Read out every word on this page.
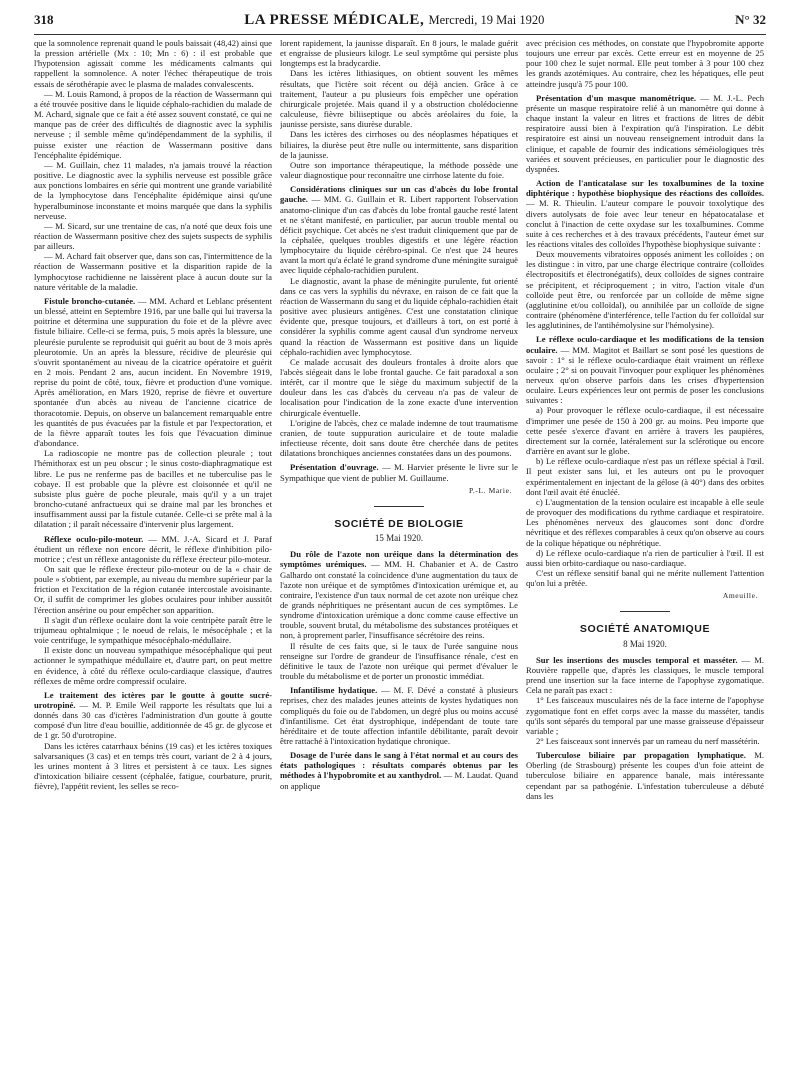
318	LA PRESSE MÉDICALE, Mercredi, 19 Mai 1920	N° 32

que la somnolence reprenait quand le pouls baissait (48,42) ainsi que la pression artérielle (Mx : 10; Mn : 6) : il est probable que l'hypotension agissait comme les médicaments calmants qui rappellent la somnolence. A noter l'échec thérapeutique de trois essais de sérothérapie avec le plasma de malades convalescents.

— M. Louis Ramond, à propos de la réaction de Wassermann qui a été trouvée positive dans le liquide céphalo-rachidien du malade de M. Achard, signale que ce fait a été assez souvent constaté, ce qui ne manque pas de créer des difficultés de diagnostic avec la syphilis nerveuse ; il semble même qu'indépendamment de la syphilis, il puisse exister une réaction de Wassermann positive dans l'encéphalite épidémique.

— M. Guillain, chez 11 malades, n'a jamais trouvé la réaction positive. Le diagnostic avec la syphilis nerveuse est possible grâce aux ponctions lombaires en série qui montrent une grande variabilité de la lymphocytose dans l'encéphalite épidémique ainsi qu'une hyperalbuminose inconstante et moins marquée que dans la syphilis nerveuse.

— M. Sicard, sur une trentaine de cas, n'a noté que deux fois une réaction de Wassermann positive chez des sujets suspects de syphilis par ailleurs.

— M. Achard fait observer que, dans son cas, l'intermittence de la réaction de Wassermann positive et la disparition rapide de la lymphocytose rachidienne ne laissèrent place à aucun doute sur la nature véritable de la maladie.

Fistule broncho-cutanée. — MM. Achard et Leblanc présentent un blessé, atteint en Septembre 1916, par une balle qui lui traversa la poitrine et détermina une suppuration du foie et de la plèvre avec fistule biliaire. Celle-ci se ferma, puis, 5 mois après la blessure, une pleurésie purulente se reproduisit qui guérit au bout de 3 mois après pleurotomie. Un an après la blessure, récidive de pleurésie qui s'ouvrit spontanément au niveau de la cicatrice opératoire et guérit en 2 mois. Pendant 2 ans, aucun incident. En Novembre 1919, reprise du point de côté, toux, fièvre et production d'une vomique. Après amélioration, en Mars 1920, reprise de fièvre et ouverture spontanée d'un abcès au niveau de l'ancienne cicatrice de thoracotomie. Depuis, on observe un balancement remarquable entre les quantités de pus évacuées par la fistule et par l'expectoration, et de la fièvre apparaît toutes les fois que l'évacuation diminue d'abondance.

La radioscopie ne montre pas de collection pleurale ; tout l'hémithorax est un peu obscur ; le sinus costo-diaphragmatique est libre. Le pus ne renferme pas de bacilles et ne tuberculise pas le cobaye. Il est probable que la plèvre est cloisonnée et qu'il ne subsiste plus guère de poche pleurale, mais qu'il y a un trajet broncho-cutané anfractueux qui se draine mal par les bronches et insuffisamment aussi par la fistule cutanée. Celle-ci se prête mal à la dilatation ; il paraît nécessaire d'intervenir plus largement.

Réflexe oculo-pilo-moteur. — MM. J.-A. Sicard et J. Paraf étudient un réflexe non encore décrit, le réflexe d'inhibition pilo-motrice ; c'est un réflexe antagoniste du réflexe érecteur pilo-moteur.

On sait que le réflexe érecteur pilo-moteur ou de la « chair de poule » s'obtient, par exemple, au niveau du membre supérieur par la friction et l'excitation de la région cutanée intercostale avoisinante. Or, il suffit de comprimer les globes oculaires pour inhiber aussitôt l'érection ansérine ou pour empêcher son apparition.

Il s'agit d'un réflexe oculaire dont la voie centripète paraît être le trijumeau ophtalmique ; le noeud de relais, le mésocéphale ; et la voie centrifuge, le sympathique mésocéphalo-médullaire.

Il existe donc un nouveau sympathique mésocéphalique qui peut actionner le sympathique médullaire et, d'autre part, on peut mettre en évidence, à côté du réflexe oculo-cardiaque classique, d'autres réflexes de même ordre compressif oculaire.

Le traitement des ictères par le goutte à goutte sucré-urotropiné. — M. P. Emile Weil rapporte les résultats que lui a donnés dans 30 cas d'ictères l'administration d'un goutte à goutte composé d'un litre d'eau bouillie, additionnée de 45 gr. de glycose et de 1 gr. 50 d'urotropine.

Dans les ictères catarrhaux bénins (19 cas) et les ictères toxiques salvarsaniques (3 cas) et en temps très court, variant de 2 à 4 jours, les urines montent à 3 litres et persistent à ce taux. Les signes d'intoxication biliaire cessent (céphalée, fatigue, courbature, prurit, fièvre), l'appétit revient, les selles se reco-

lorent rapidement, la jaunisse disparaît. En 8 jours, le malade guérit et engraisse de plusieurs kilogr. Le seul symptôme qui persiste plus longtemps est la bradycardie.

Dans les ictères lithiasiques, on obtient souvent les mêmes résultats, que l'ictère soit récent ou déjà ancien. Grâce à ce traitement, l'auteur a pu plusieurs fois empêcher une opération chirurgicale projetée. Mais quand il y a obstruction cholédocienne calculeuse, fièvre biliiseptique ou abcès aréolaires du foie, la jaunisse persiste, sans diurèse durable.

Dans les ictères des cirrhoses ou des néoplasmes hépatiques et biliaires, la diurèse peut être nulle ou intermittente, sans disparition de la jaunisse.

Outre son importance thérapeutique, la méthode possède une valeur diagnostique pour reconnaître une cirrhose latente du foie.

Considérations cliniques sur un cas d'abcès du lobe frontal gauche. — MM. G. Guillain et R. Libert rapportent l'observation anatomo-clinique d'un cas d'abcès du lobe frontal gauche resté latent et ne s'étant manifesté, en particulier, par aucun trouble mental ou déficit psychique. Cet abcès ne s'est traduit cliniquement que par de la céphalée, quelques troubles digestifs et une légère réaction lymphocytaire du liquide cérébro-spinal. Ce n'est que 24 heures avant la mort qu'a éclaté le grand syndrome d'une méningite suraiguë avec liquide céphalo-rachidien purulent.

Le diagnostic, avant la phase de méningite purulente, fut orienté dans ce cas vers la syphilis du névraxe, en raison de ce fait que la réaction de Wassermann du sang et du liquide céphalo-rachidien était positive avec plusieurs antigènes. C'est une constatation clinique évidente que, presque toujours, et d'ailleurs à tort, on est porté à considérer la syphilis comme agent causal d'un syndrome nerveux quand la réaction de Wassermann est positive dans un liquide céphalo-rachidien avec lymphocytose.

Ce malade accusait des douleurs frontales à droite alors que l'abcès siégeait dans le lobe frontal gauche. Ce fait paradoxal a son intérêt, car il montre que le siège du maximum subjectif de la douleur dans les cas d'abcès du cerveau n'a pas de valeur de localisation pour l'indication de la zone exacte d'une intervention chirurgicale éventuelle.

L'origine de l'abcès, chez ce malade indemne de tout traumatisme cranien, de toute suppuration auriculaire et de toute maladie infectieuse récente, doit sans doute être cherchée dans de petites dilatations bronchiques anciennes constatées dans un des poumons.

Présentation d'ouvrage. — M. Harvier présente le livre sur le Sympathique que vient de publier M. Guillaume.

P.-L. Marie.
SOCIÉTÉ DE BIOLOGIE
15 Mai 1920.

Du rôle de l'azote non uréique dans la détermination des symptômes urémiques. — MM. H. Chabanier et A. de Castro Galhardo ont constaté la coïncidence d'une augmentation du taux de l'azote non uréique et de symptômes d'intoxication urémique et, au contraire, l'existence d'un taux normal de cet azote non uréique chez de grands néphritiques ne présentant aucun de ces symptômes. Le syndrome d'intoxication urémique a donc comme cause effective un trouble, souvent brutal, du métabolisme des substances protéiques et non, à proprement parler, l'insuffisance sécrétoire des reins.

Il résulte de ces faits que, si le taux de l'urée sanguine nous renseigne sur l'ordre de grandeur de l'insuffisance rénale, c'est en définitive le taux de l'azote non uréique qui permet d'évaluer le trouble du métabolisme et de porter un pronostic immédiat.

Infantilisme hydatique. — M. F. Dévé a constaté à plusieurs reprises, chez des malades jeunes atteints de kystes hydatiques non compliqués du foie ou de l'abdomen, un degré plus ou moins accusé d'infantilisme. Cet état dystrophique, indépendant de toute tare héréditaire et de toute affection infantile débilitante, paraît devoir être rattaché à l'intoxication hydatique chronique.

Dosage de l'urée dans le sang à l'état normal et au cours des états pathologiques : résultats comparés obtenus par les méthodes à l'hypobromite et au xanthydrol. — M. Laudat. Quand on applique

avec précision ces méthodes, on constate que l'hypobromite apporte toujours une erreur par excès. Cette erreur est en moyenne de 25 pour 100 chez le sujet normal. Elle peut tomber à 3 pour 100 chez les grands azotémiques. Au contraire, chez les hépatiques, elle peut atteindre jusqu'à 75 pour 100.

Présentation d'un masque manométrique. — M. J.-L. Pech présente un masque respiratoire relié à un manomètre qui donne à chaque instant la valeur en litres et fractions de litres de débit respiratoire aussi bien à l'expiration qu'à l'inspiration. Le débit respiratoire est ainsi un nouveau renseignement introduit dans la clinique, et capable de fournir des indications séméiologiques très variées et souvent précieuses, en particulier pour le diagnostic des dyspnées.

Action de l'anticatalase sur les toxalbumines de la toxine diphtérique : hypothèse biophysique des réactions des colloïdes. — M. R. Thieulin. L'auteur compare le pouvoir toxolytique des divers autolysats de foie avec leur teneur en hépatocatalase et conclut à l'inaction de cette oxydase sur les toxalbumines. Comme suite à ces recherches et à des travaux précédents, l'auteur émet sur les réactions vitales des colloïdes l'hypothèse biophysique suivante :

Deux mouvements vibratoires opposés animent les colloïdes ; on les distingue : in vitro, par une charge électrique contraire (colloïdes électropositifs et électronégatifs), deux colloïdes de signes contraire se précipitent, et réciproquement ; in vitro, l'action vitale d'un colloïde peut être, ou renforcée par un colloïde de même signe (agglutinine et/ou colloïdal), ou annihilée par un colloïde de signe contraire (phénomène d'interférence, telle l'action du fer colloïdal sur les agglutinines, de l'antihémolysine sur l'hémolysine).

Le réflexe oculo-cardiaque et les modifications de la tension oculaire. — MM. Magitot et Baillart se sont posé les questions de savoir : 1° si le réflexe oculo-cardiaque était vraiment un réflexe oculaire ; 2° si on pouvait l'invoquer pour expliquer les phénomènes nerveux qu'on observe parfois dans les crises d'hypertension oculaire. Leurs expériences leur ont permis de poser les conclusions suivantes :

a) Pour provoquer le réflexe oculo-cardiaque, il est nécessaire d'imprimer une pesée de 150 à 200 gr. au moins. Peu importe que cette pesée s'exerce d'avant en arrière à travers les paupières, directement sur la cornée, latéralement sur la sclérotique ou encore d'arrière en avant sur le globe.

b) Le réflexe oculo-cardiaque n'est pas un réflexe spécial à l'œil. Il peut exister sans lui, et les auteurs ont pu le provoquer expérimentalement en injectant de la gélose (à 40°) dans des orbites dont l'œil avait été énucléé.

c) L'augmentation de la tension oculaire est incapable à elle seule de provoquer des modifications du rythme cardiaque et respiratoire. Les phénomènes nerveux des glaucomes sont donc d'ordre névritique et des réflexes comparables à ceux qu'on observe au cours de la colique hépatique ou néphrétique.

d) Le réflexe oculo-cardiaque n'a rien de particulier à l'œil. Il est aussi bien orbito-cardiaque ou naso-cardiaque.

C'est un réflexe sensitif banal qui ne mérite nullement l'attention qu'on lui a prêtée.

Ameuille.
SOCIÉTÉ ANATOMIQUE
8 Mai 1920.

Sur les insertions des muscles temporal et masséter. — M. Rouvière rappelle que, d'après les classiques, le muscle temporal prend une insertion sur la face interne de l'apophyse zygomatique. Cela ne paraît pas exact :

1° Les faisceaux musculaires nés de la face interne de l'apophyse zygomatique font en effet corps avec la masse du masséter, tandis qu'ils sont séparés du temporal par une masse graisseuse d'épaisseur variable ;

2° Les faisceaux sont innervés par un rameau du nerf massétérin.

Tuberculose biliaire par propagation lymphatique. M. Oberling (de Strasbourg) présente les coupes d'un foie atteint de tuberculose biliaire en apparence banale, mais intéressante cependant par sa pathogénie. L'infestation tuberculeuse a débuté dans les
